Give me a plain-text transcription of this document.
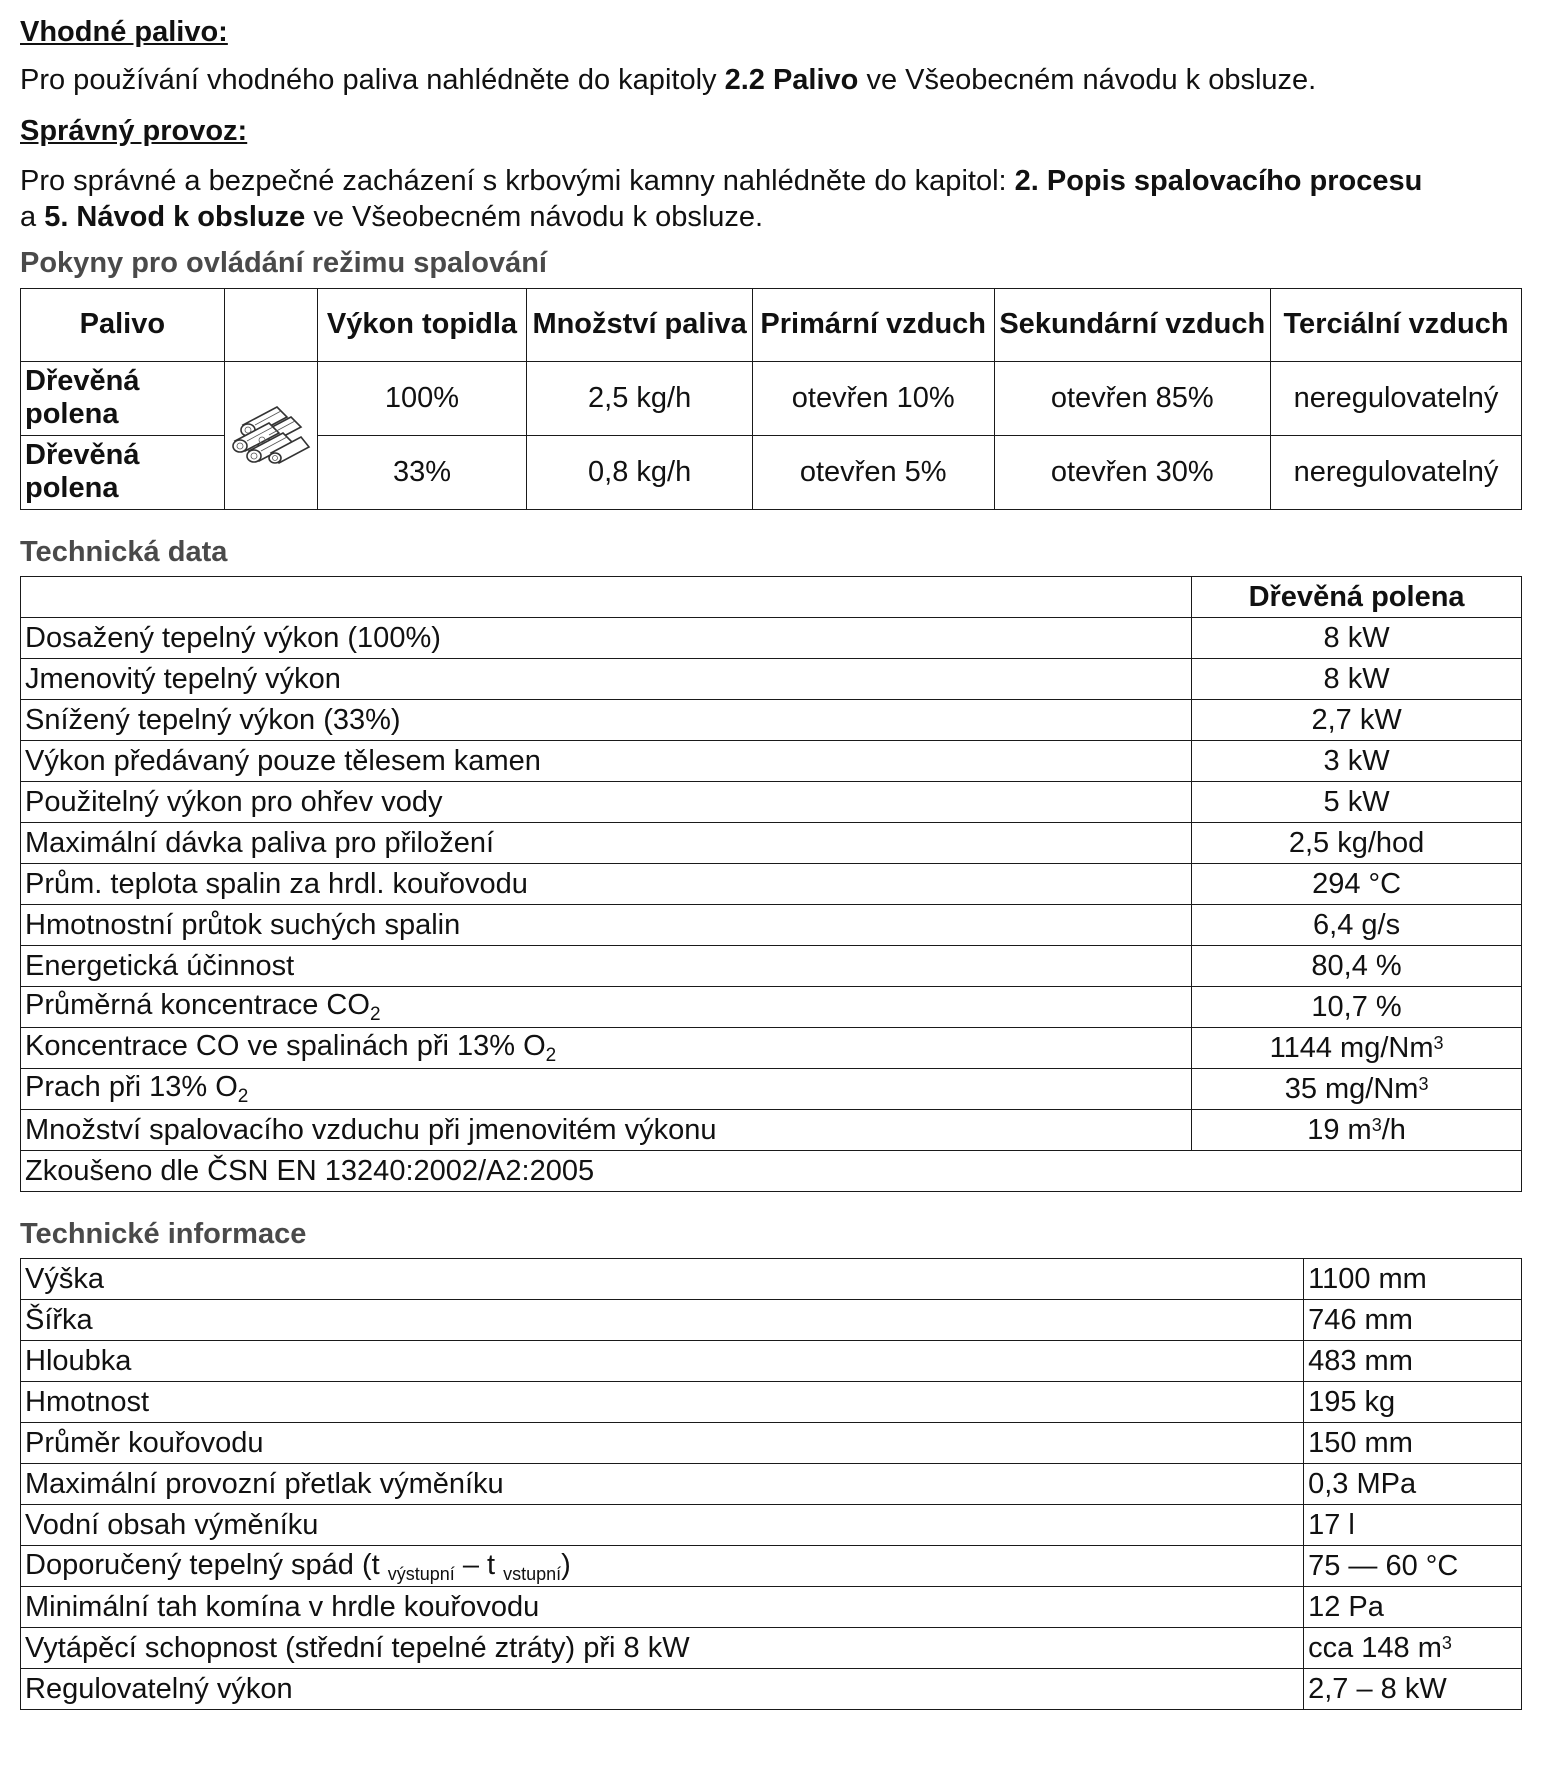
Vhodné palivo:

Pro používání vhodného paliva nahlédněte do kapitoly 2.2 Palivo ve Všeobecném návodu k obsluze.

Správný provoz:

Pro správné a bezpečné zacházení s krbovými kamny nahlédněte do kapitol: 2. Popis spalovacího procesu
a 5. Návod k obsluze ve Všeobecném návodu k obsluze.

Pokyny pro ovládání režimu spalování
Palivo		Výkon topidla	Množství paliva	Primární vzduch	Sekundární vzduch	Terciální vzduch
Dřevěná polena		100%	2,5 kg/h	otevřen 10%	otevřen 85%	neregulovatelný
Dřevěná polena		33%	0,8 kg/h	otevřen 5%	otevřen 30%	neregulovatelný
Technická data
	Dřevěná polena
Dosažený tepelný výkon (100%)	8 kW
Jmenovitý tepelný výkon	8 kW
Snížený tepelný výkon (33%)	2,7 kW
Výkon předávaný pouze tělesem kamen	3 kW
Použitelný výkon pro ohřev vody	5 kW
Maximální dávka paliva pro přiložení	2,5 kg/hod
Prům. teplota spalin za hrdl. kouřovodu	294 °C
Hmotnostní průtok suchých spalin	6,4 g/s
Energetická účinnost	80,4 %
Průměrná koncentrace $CO_2$	10,7 %
Koncentrace CO ve spalinách při 13% $O_2$	1144 mg/Nm$^3$
Prach při 13% $O_2$	35 mg/Nm$^3$
Množství spalovacího vzduchu při jmenovitém výkonu	19 $m^3/h$
Zkoušeno dle ČSN EN 13240:2002/A2:2005	
Technické informace
Výška	1100 mm
Šířka	746 mm
Hloubka	483 mm
Hmotnost	195 kg
Průměr kouřovodu	150 mm
Maximální provozní přetlak výměníku	0,3 MPa
Vodní obsah výměníku	17 l
Doporučený tepelný spád (t $_{výstupní}$ – t $_{vstupní}$)	75 — 60 °C
Minimální tah komína v hrdle kouřovodu	12 Pa
Vytápěcí schopnost (střední tepelné ztráty) při 8 kW	cca 148 $m^3$
Regulovatelný výkon	2,7 – 8 kW
